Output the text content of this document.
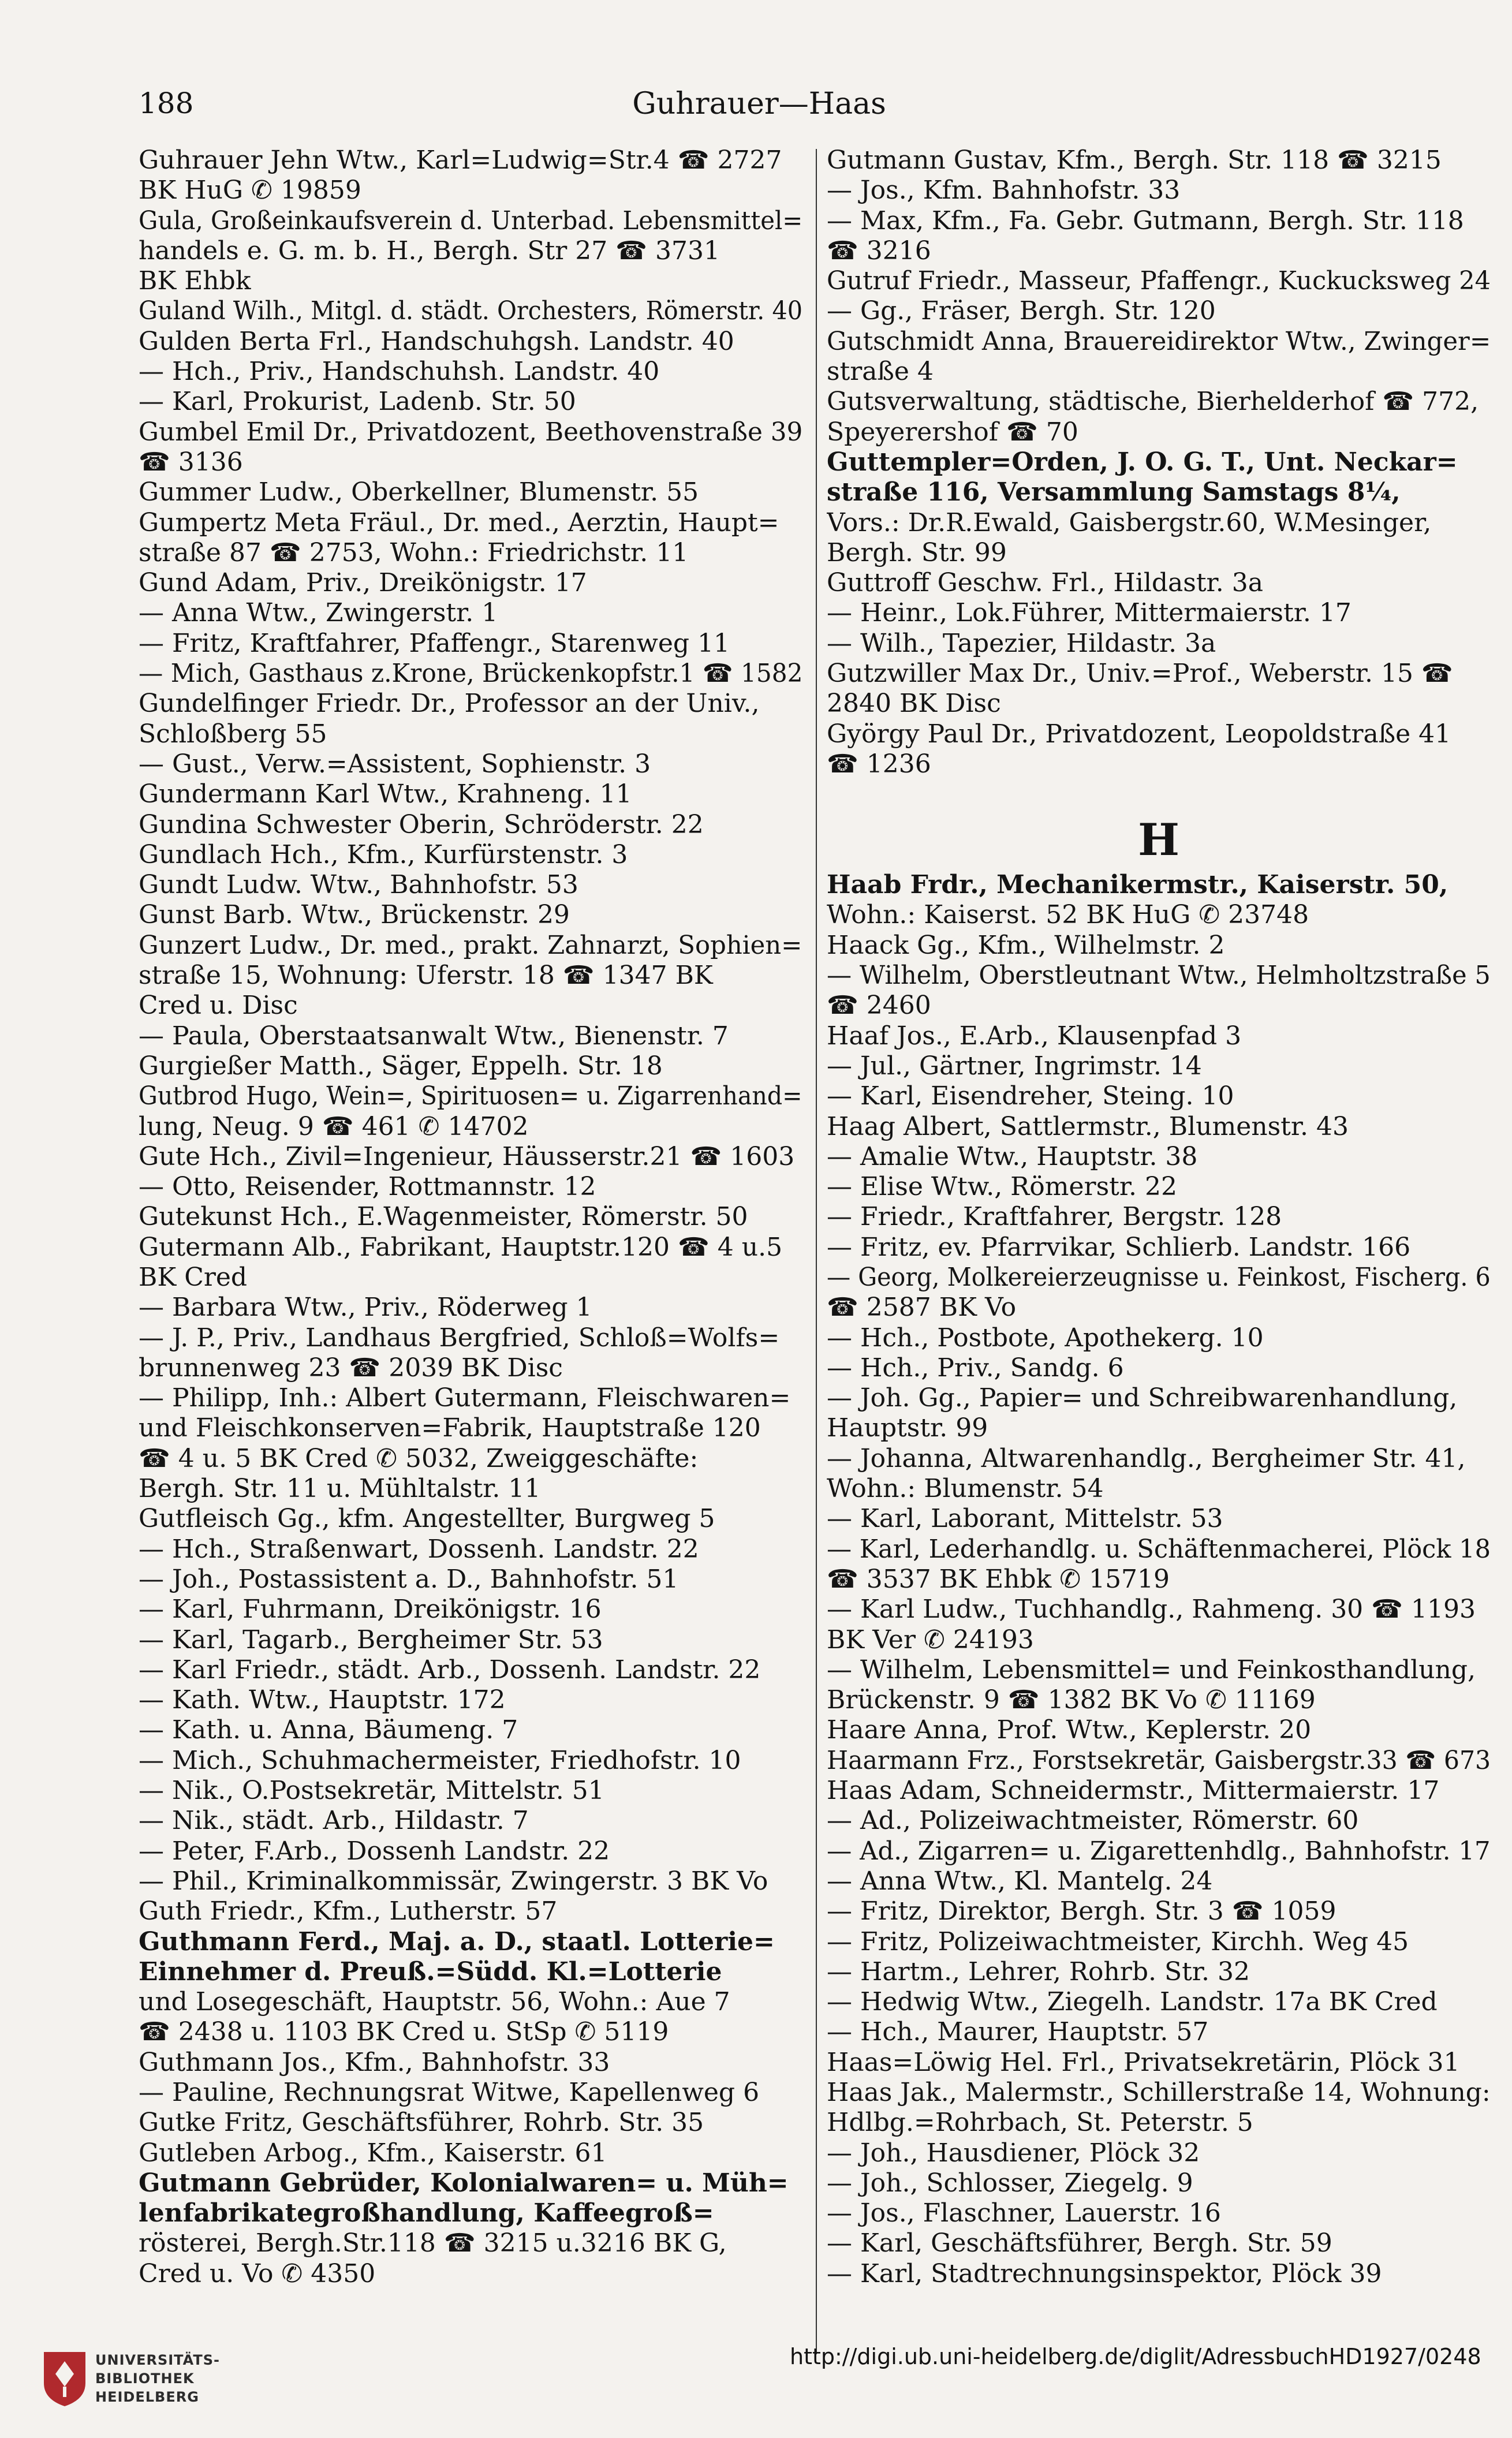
188	Guhrauer—Haas
Guhrauer Jehn Wtw., Karl=Ludwig=Str.4 ☎ 2727
BK HuG ✆ 19859
Gula, Großeinkaufsverein d. Unterbad. Lebensmittel=
handels e. G. m. b. H., Bergh. Str 27 ☎ 3731
BK Ehbk
Guland Wilh., Mitgl. d. städt. Orchesters, Römerstr. 40
Gulden Berta Frl., Handschuhgsh. Landstr. 40
— Hch., Priv., Handschuhsh. Landstr. 40
— Karl, Prokurist, Ladenb. Str. 50
Gumbel Emil Dr., Privatdozent, Beethovenstraße 39
☎ 3136
Gummer Ludw., Oberkellner, Blumenstr. 55
Gumpertz Meta Fräul., Dr. med., Aerztin, Haupt=
straße 87 ☎ 2753, Wohn.: Friedrichstr. 11
Gund Adam, Priv., Dreikönigstr. 17
— Anna Wtw., Zwingerstr. 1
— Fritz, Kraftfahrer, Pfaffengr., Starenweg 11
— Mich, Gasthaus z.Krone, Brückenkopfstr.1 ☎ 1582
Gundelfinger Friedr. Dr., Professor an der Univ.,
Schloßberg 55
— Gust., Verw.=Assistent, Sophienstr. 3
Gundermann Karl Wtw., Krahneng. 11
Gundina Schwester Oberin, Schröderstr. 22
Gundlach Hch., Kfm., Kurfürstenstr. 3
Gundt Ludw. Wtw., Bahnhofstr. 53
Gunst Barb. Wtw., Brückenstr. 29
Gunzert Ludw., Dr. med., prakt. Zahnarzt, Sophien=
straße 15, Wohnung: Uferstr. 18 ☎ 1347 BK
Cred u. Disc
— Paula, Oberstaatsanwalt Wtw., Bienenstr. 7
Gurgießer Matth., Säger, Eppelh. Str. 18
Gutbrod Hugo, Wein=, Spirituosen= u. Zigarrenhand=
lung, Neug. 9 ☎ 461 ✆ 14702
Gute Hch., Zivil=Ingenieur, Häusserstr.21 ☎ 1603
— Otto, Reisender, Rottmannstr. 12
Gutekunst Hch., E.Wagenmeister, Römerstr. 50
Gutermann Alb., Fabrikant, Hauptstr.120 ☎ 4 u.5
BK Cred
— Barbara Wtw., Priv., Röderweg 1
— J. P., Priv., Landhaus Bergfried, Schloß=Wolfs=
brunnenweg 23 ☎ 2039 BK Disc
— Philipp, Inh.: Albert Gutermann, Fleischwaren=
und Fleischkonserven=Fabrik, Hauptstraße 120
☎ 4 u. 5 BK Cred ✆ 5032, Zweiggeschäfte:
Bergh. Str. 11 u. Mühltalstr. 11
Gutfleisch Gg., kfm. Angestellter, Burgweg 5
— Hch., Straßenwart, Dossenh. Landstr. 22
— Joh., Postassistent a. D., Bahnhofstr. 51
— Karl, Fuhrmann, Dreikönigstr. 16
— Karl, Tagarb., Bergheimer Str. 53
— Karl Friedr., städt. Arb., Dossenh. Landstr. 22
— Kath. Wtw., Hauptstr. 172
— Kath. u. Anna, Bäumeng. 7
— Mich., Schuhmachermeister, Friedhofstr. 10
— Nik., O.Postsekretär, Mittelstr. 51
— Nik., städt. Arb., Hildastr. 7
— Peter, F.Arb., Dossenh Landstr. 22
— Phil., Kriminalkommissär, Zwingerstr. 3 BK Vo
Guth Friedr., Kfm., Lutherstr. 57
Guthmann Ferd., Maj. a. D., staatl. Lotterie=
Einnehmer d. Preuß.=Südd. Kl.=Lotterie
und Losegeschäft, Hauptstr. 56, Wohn.: Aue 7
☎ 2438 u. 1103 BK Cred u. StSp ✆ 5119
Guthmann Jos., Kfm., Bahnhofstr. 33
— Pauline, Rechnungsrat Witwe, Kapellenweg 6
Gutke Fritz, Geschäftsführer, Rohrb. Str. 35
Gutleben Arbog., Kfm., Kaiserstr. 61
Gutmann Gebrüder, Kolonialwaren= u. Müh=
lenfabrikategroßhandlung, Kaffeegroß=
rösterei, Bergh.Str.118 ☎ 3215 u.3216 BK G,
Cred u. Vo ✆ 4350
Gutmann Gustav, Kfm., Bergh. Str. 118 ☎ 3215
— Jos., Kfm. Bahnhofstr. 33
— Max, Kfm., Fa. Gebr. Gutmann, Bergh. Str. 118
☎ 3216
Gutruf Friedr., Masseur, Pfaffengr., Kuckucksweg 24
— Gg., Fräser, Bergh. Str. 120
Gutschmidt Anna, Brauereidirektor Wtw., Zwinger=
straße 4
Gutsverwaltung, städtische, Bierhelderhof ☎ 772,
Speyerershof ☎ 70
Guttempler=Orden, J. O. G. T., Unt. Neckar=
straße 116, Versammlung Samstags 8¼,
Vors.: Dr.R.Ewald, Gaisbergstr.60, W.Mesinger,
Bergh. Str. 99
Guttroff Geschw. Frl., Hildastr. 3a
— Heinr., Lok.Führer, Mittermaierstr. 17
— Wilh., Tapezier, Hildastr. 3a
Gutzwiller Max Dr., Univ.=Prof., Weberstr. 15 ☎
2840 BK Disc
György Paul Dr., Privatdozent, Leopoldstraße 41
☎ 1236
H
Haab Frdr., Mechanikermstr., Kaiserstr. 50,
Wohn.: Kaiserst. 52 BK HuG ✆ 23748
Haack Gg., Kfm., Wilhelmstr. 2
— Wilhelm, Oberstleutnant Wtw., Helmholtzstraße 5
☎ 2460
Haaf Jos., E.Arb., Klausenpfad 3
— Jul., Gärtner, Ingrimstr. 14
— Karl, Eisendreher, Steing. 10
Haag Albert, Sattlermstr., Blumenstr. 43
— Amalie Wtw., Hauptstr. 38
— Elise Wtw., Römerstr. 22
— Friedr., Kraftfahrer, Bergstr. 128
— Fritz, ev. Pfarrvikar, Schlierb. Landstr. 166
— Georg, Molkereierzeugnisse u. Feinkost, Fischerg. 6
☎ 2587 BK Vo
— Hch., Postbote, Apothekerg. 10
— Hch., Priv., Sandg. 6
— Joh. Gg., Papier= und Schreibwarenhandlung,
Hauptstr. 99
— Johanna, Altwarenhandlg., Bergheimer Str. 41,
Wohn.: Blumenstr. 54
— Karl, Laborant, Mittelstr. 53
— Karl, Lederhandlg. u. Schäftenmacherei, Plöck 18
☎ 3537 BK Ehbk ✆ 15719
— Karl Ludw., Tuchhandlg., Rahmeng. 30 ☎ 1193
BK Ver ✆ 24193
— Wilhelm, Lebensmittel= und Feinkosthandlung,
Brückenstr. 9 ☎ 1382 BK Vo ✆ 11169
Haare Anna, Prof. Wtw., Keplerstr. 20
Haarmann Frz., Forstsekretär, Gaisbergstr.33 ☎ 673
Haas Adam, Schneidermstr., Mittermaierstr. 17
— Ad., Polizeiwachtmeister, Römerstr. 60
— Ad., Zigarren= u. Zigarettenhdlg., Bahnhofstr. 17
— Anna Wtw., Kl. Mantelg. 24
— Fritz, Direktor, Bergh. Str. 3 ☎ 1059
— Fritz, Polizeiwachtmeister, Kirchh. Weg 45
— Hartm., Lehrer, Rohrb. Str. 32
— Hedwig Wtw., Ziegelh. Landstr. 17a BK Cred
— Hch., Maurer, Hauptstr. 57
Haas=Löwig Hel. Frl., Privatsekretärin, Plöck 31
Haas Jak., Malermstr., Schillerstraße 14, Wohnung:
Hdlbg.=Rohrbach, St. Peterstr. 5
— Joh., Hausdiener, Plöck 32
— Joh., Schlosser, Ziegelg. 9
— Jos., Flaschner, Lauerstr. 16
— Karl, Geschäftsführer, Bergh. Str. 59
— Karl, Stadtrechnungsinspektor, Plöck 39
UNIVERSITÄTS-
BIBLIOTHEK
HEIDELBERG
http://digi.ub.uni-heidelberg.de/diglit/AdressbuchHD1927/0248
